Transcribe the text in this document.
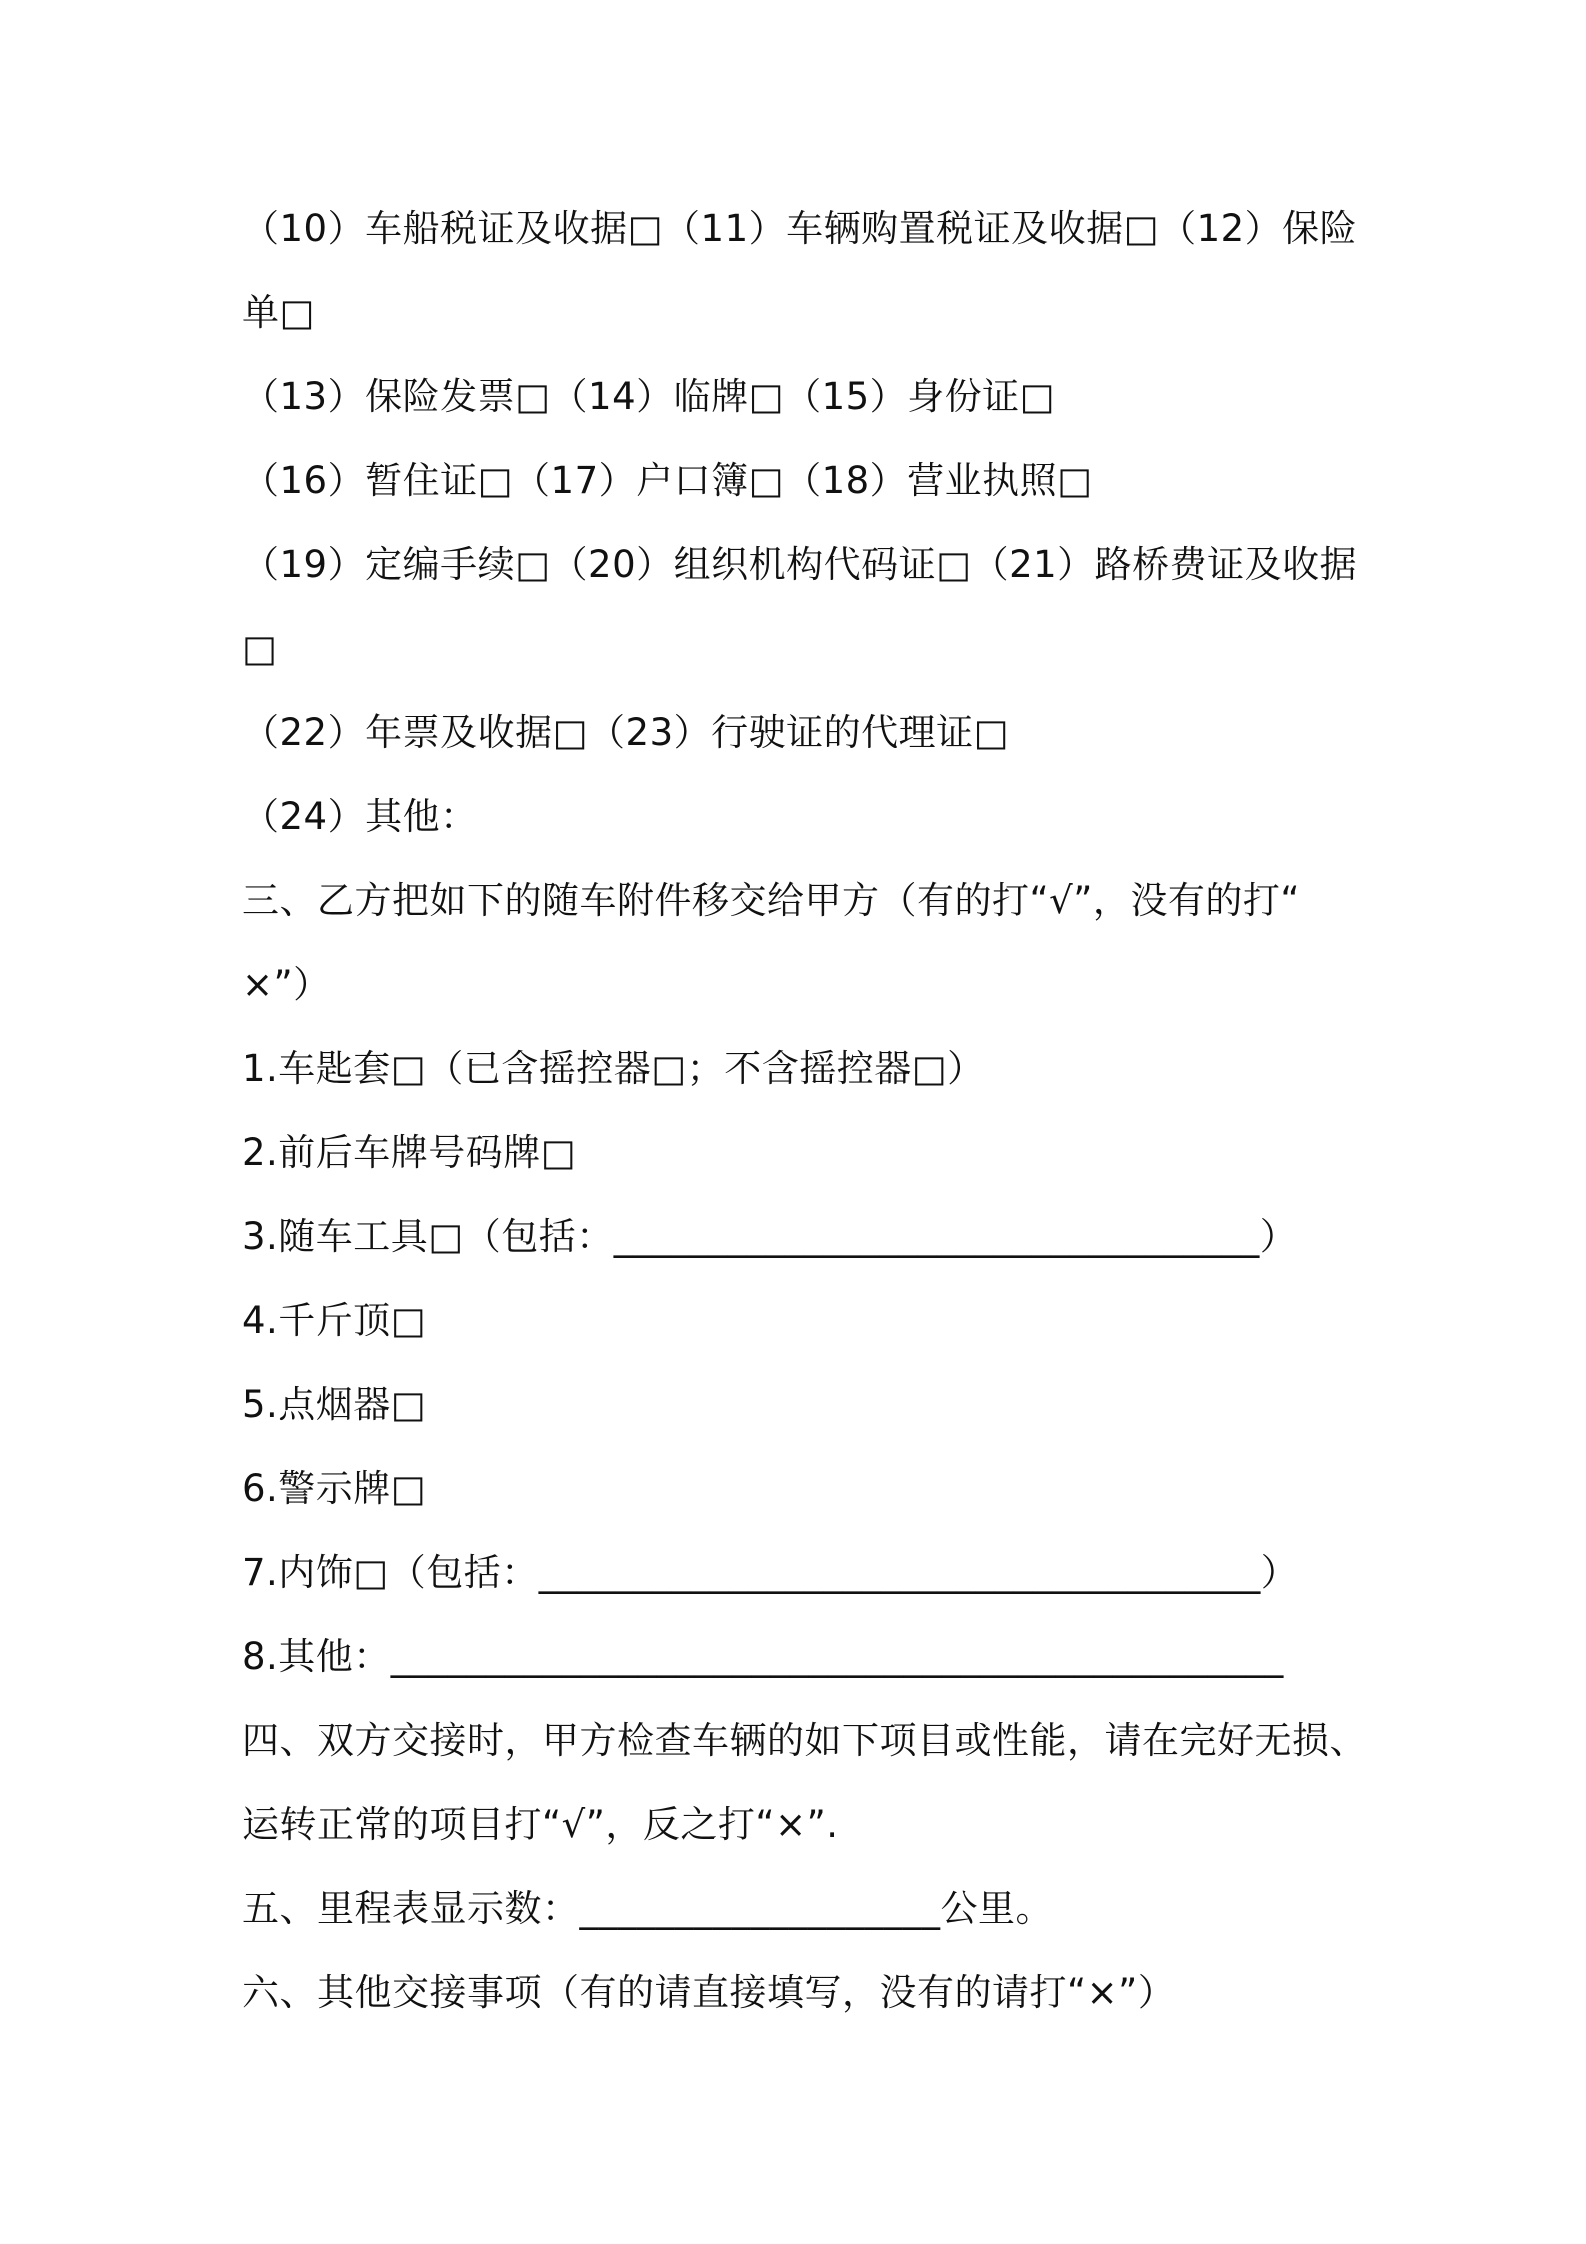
（10）车船税证及收据□（11）车辆购置税证及收据□（12）保险
单□
（13）保险发票□（14）临牌□（15）身份证□
（16）暂住证□（17）户口簿□（18）营业执照□
（19）定编手续□（20）组织机构代码证□（21）路桥费证及收据
□
（22）年票及收据□（23）行驶证的代理证□
（24）其他：
三、乙方把如下的随车附件移交给甲方（有的打“√”，没有的打“
×”）
1.车匙套□（已含摇控器□；不含摇控器□）
2.前后车牌号码牌□
3.随车工具□（包括：__________________________________）
4.千斤顶□
5.点烟器□
6.警示牌□
7.内饰□（包括：______________________________________）
8.其他：_______________________________________________
四、双方交接时，甲方检查车辆的如下项目或性能，请在完好无损、
运转正常的项目打“√”，反之打“×”.
五、里程表显示数：___________________公里。
六、其他交接事项（有的请直接填写，没有的请打“×”）
